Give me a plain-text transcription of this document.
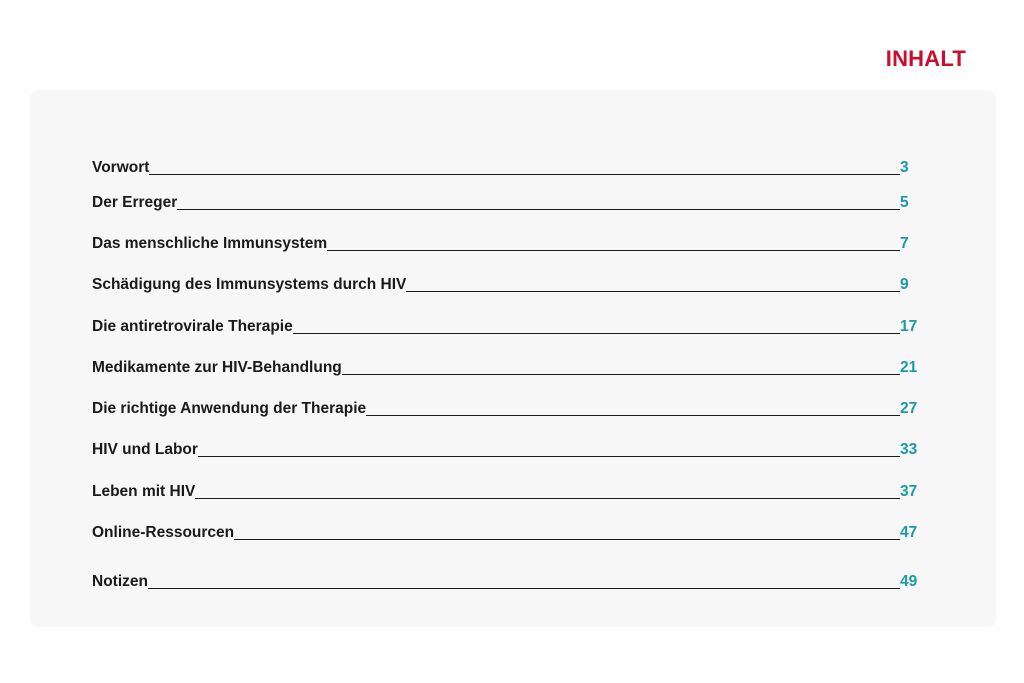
INHALT
Vorwort	3
Der Erreger	5
Das menschliche Immunsystem	7
Schädigung des Immunsystems durch HIV	9
Die antiretrovirale Therapie	17
Medikamente zur HIV-Behandlung	21
Die richtige Anwendung der Therapie	27
HIV und Labor	33
Leben mit HIV	37
Online-Ressourcen	47
Notizen	49
